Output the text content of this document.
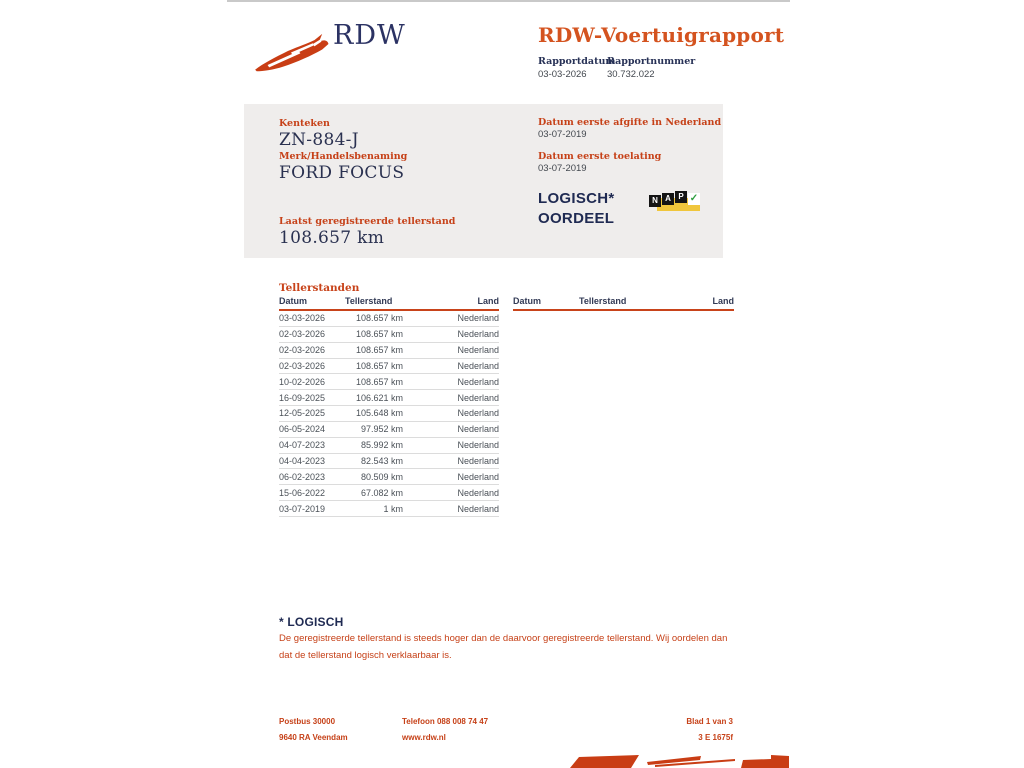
RDW	RDW-Voertuigrapport
Rapportdatum
Rapportnummer
03-03-2026 30.732.022
Kenteken
ZN-884-J
Merk/Handelsbenaming
FORD FOCUS
Laatst geregistreerde tellerstand
108.657 km
Datum eerste afgifte in Nederland
03-07-2019
Datum eerste toelating
03-07-2019
LOGISCH*
OORDEEL
N A P ✓
Tellerstanden
Datum	Tellerstand	Land
03-03-2026	108.657 km	Nederland
02-03-2026	108.657 km	Nederland
02-03-2026	108.657 km	Nederland
02-03-2026	108.657 km	Nederland
10-02-2026	108.657 km	Nederland
16-09-2025	106.621 km	Nederland
12-05-2025	105.648 km	Nederland
06-05-2024	97.952 km	Nederland
04-07-2023	85.992 km	Nederland
04-04-2023	82.543 km	Nederland
06-02-2023	80.509 km	Nederland
15-06-2022	67.082 km	Nederland
03-07-2019	1 km	Nederland
Datum	Tellerstand	Land
* LOGISCH
De geregistreerde tellerstand is steeds hoger dan de daarvoor geregistreerde tellerstand. Wij oordelen dan dat de tellerstand logisch verklaarbaar is.
Postbus 30000
9640 RA Veendam
Telefoon 088 008 74 47
www.rdw.nl
Blad 1 van 3
3 E 1675f
